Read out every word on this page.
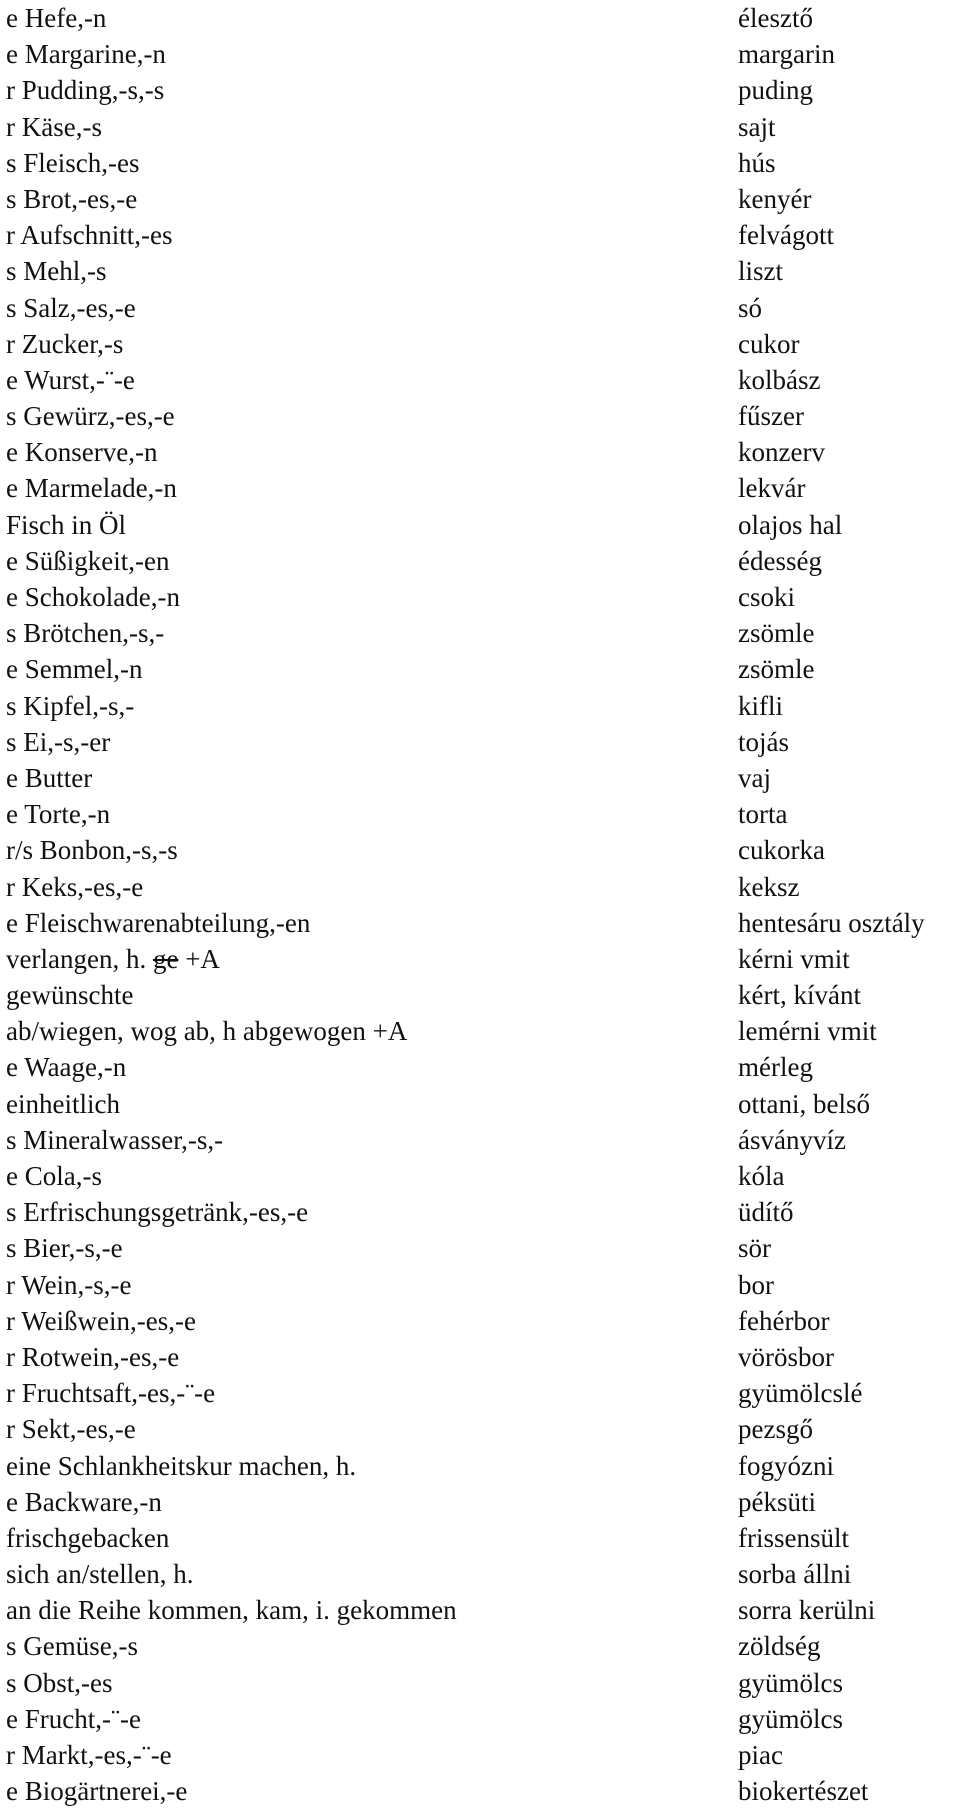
e Hefe,-n	élesztő
e Margarine,-n	margarin
r Pudding,-s,-s	puding
r Käse,-s	sajt
s Fleisch,-es	hús
s Brot,-es,-e	kenyér
r Aufschnitt,-es	felvágott
s Mehl,-s	liszt
s Salz,-es,-e	só
r Zucker,-s	cukor
e Wurst,-¨-e	kolbász
s Gewürz,-es,-e	fűszer
e Konserve,-n	konzerv
e Marmelade,-n	lekvár
Fisch in Öl	olajos hal
e Süßigkeit,-en	édesség
e Schokolade,-n	csoki
s Brötchen,-s,-	zsömle
e Semmel,-n	zsömle
s Kipfel,-s,-	kifli
s Ei,-s,-er	tojás
e Butter	vaj
e Torte,-n	torta
r/s Bonbon,-s,-s	cukorka
r Keks,-es,-e	keksz
e Fleischwarenabteilung,-en	hentesáru osztály
verlangen, h. ge +A	kérni vmit
gewünschte	kért, kívánt
ab/wiegen, wog ab, h abgewogen +A	lemérni vmit
e Waage,-n	mérleg
einheitlich	ottani, belső
s Mineralwasser,-s,-	ásványvíz
e Cola,-s	kóla
s Erfrischungsgetränk,-es,-e	üdítő
s Bier,-s,-e	sör
r Wein,-s,-e	bor
r Weißwein,-es,-e	fehérbor
r Rotwein,-es,-e	vörösbor
r Fruchtsaft,-es,-¨-e	gyümölcslé
r Sekt,-es,-e	pezsgő
eine Schlankheitskur machen, h.	fogyózni
e Backware,-n	péksüti
frischgebacken	frissensült
sich an/stellen, h.	sorba állni
an die Reihe kommen, kam, i. gekommen	sorra kerülni
s Gemüse,-s	zöldség
s Obst,-es	gyümölcs
e Frucht,-¨-e	gyümölcs
r Markt,-es,-¨-e	piac
e Biogärtnerei,-e	biokertészet
